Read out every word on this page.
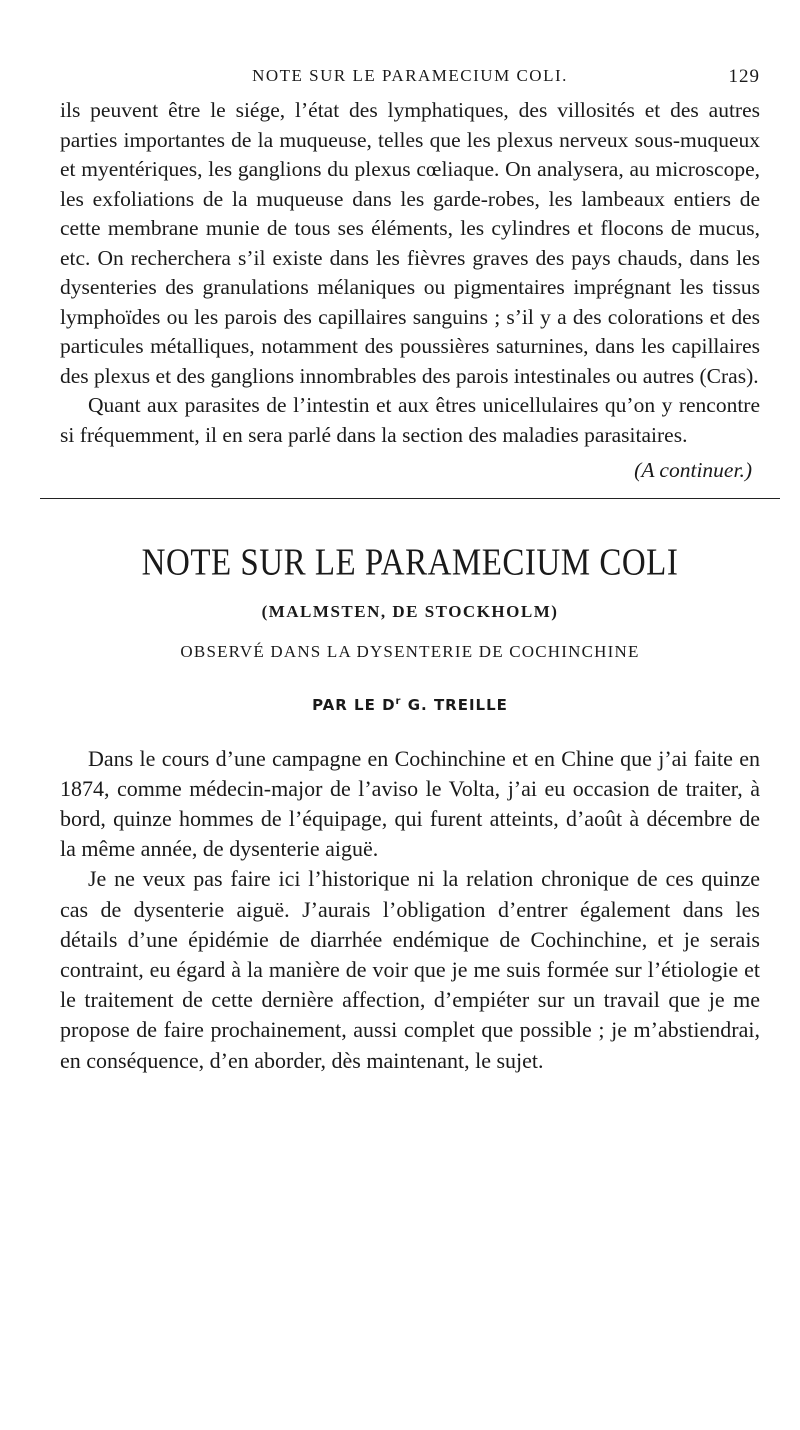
NOTE SUR LE PARAMECIUM COLI.	129

ils peuvent être le siége, l’état des lymphatiques, des villosités et des autres parties importantes de la muqueuse, telles que les plexus nerveux sous-muqueux et myentériques, les ganglions du plexus cœliaque. On analysera, au microscope, les exfoliations de la muqueuse dans les garde-robes, les lambeaux entiers de cette membrane munie de tous ses éléments, les cylindres et flocons de mucus, etc. On recherchera s’il existe dans les fièvres graves des pays chauds, dans les dysenteries des granulations mélaniques ou pigmentaires imprégnant les tissus lymphoïdes ou les parois des capillaires sanguins ; s’il y a des colorations et des particules métalliques, notamment des poussières saturnines, dans les capillaires des plexus et des ganglions innombrables des parois intestinales ou autres (Cras).

Quant aux parasites de l’intestin et aux êtres unicellulaires qu’on y rencontre si fréquemment, il en sera parlé dans la section des maladies parasitaires.

(A continuer.)

NOTE SUR LE PARAMECIUM COLI
(MALMSTEN, DE STOCKHOLM)
OBSERVÉ DANS LA DYSENTERIE DE COCHINCHINE
PAR LE $D^r$ G. TREILLE

Dans le cours d’une campagne en Cochinchine et en Chine que j’ai faite en 1874, comme médecin-major de l’aviso le Volta, j’ai eu occasion de traiter, à bord, quinze hommes de l’équipage, qui furent atteints, d’août à décembre de la même année, de dysenterie aiguë.

Je ne veux pas faire ici l’historique ni la relation chronique de ces quinze cas de dysenterie aiguë. J’aurais l’obligation d’entrer également dans les détails d’une épidémie de diarrhée endémique de Cochinchine, et je serais contraint, eu égard à la manière de voir que je me suis formée sur l’étiologie et le traitement de cette dernière affection, d’empiéter sur un travail que je me propose de faire prochainement, aussi complet que possible ; je m’abstiendrai, en conséquence, d’en aborder, dès maintenant, le sujet.
